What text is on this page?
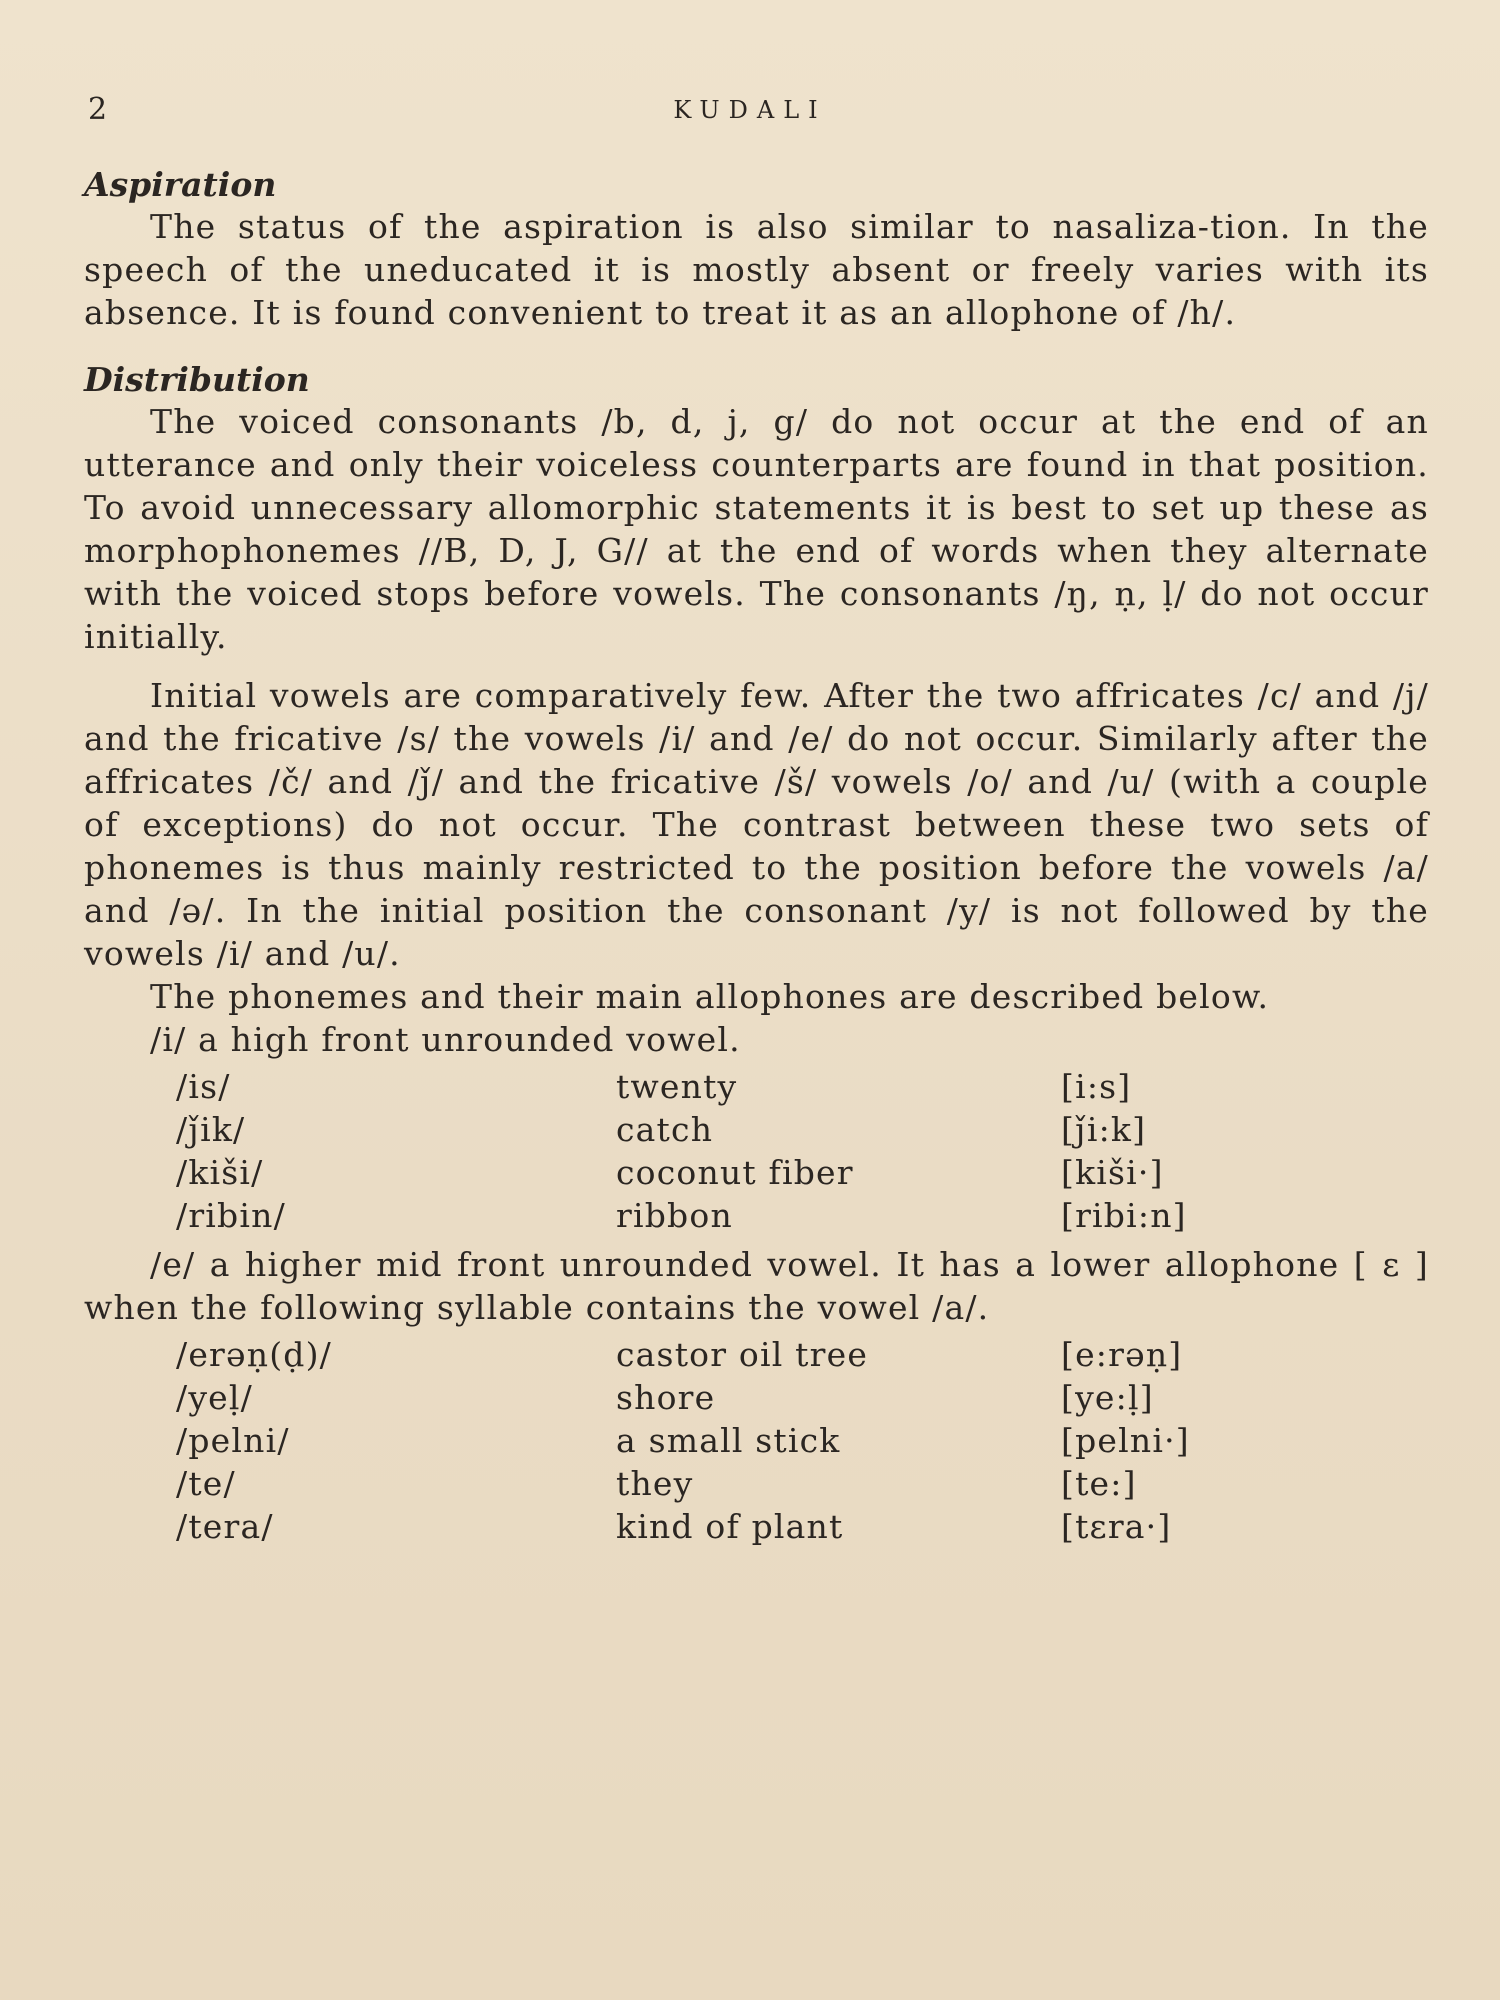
2	KUDALI
Aspiration

The status of the aspiration is also similar to nasaliza-tion. In the speech of the uneducated it is mostly absent or freely varies with its absence. It is found convenient to treat it as an allophone of /h/.

Distribution

The voiced consonants /b, d, j, g/ do not occur at the end of an utterance and only their voiceless counterparts are found in that position. To avoid unnecessary allomorphic statements it is best to set up these as morphophonemes //B, D, J, G// at the end of words when they alternate with the voiced stops before vowels. The consonants /ŋ, ṇ, ḷ/ do not occur initially.

Initial vowels are comparatively few. After the two affricates /c/ and /j/ and the fricative /s/ the vowels /i/ and /e/ do not occur. Similarly after the affricates /č/ and /ǰ/ and the fricative /š/ vowels /o/ and /u/ (with a couple of exceptions) do not occur. The contrast between these two sets of phonemes is thus mainly restricted to the position before the vowels /a/ and /ə/. In the initial position the consonant /y/ is not followed by the vowels /i/ and /u/.

The phonemes and their main allophones are described below.

/i/ a high front unrounded vowel.

/is/	twenty	[i:s]
/ǰik/	catch	[ǰi:k]
/kiši/	coconut fiber	[kiši·]
/ribin/	ribbon	[ribi:n]

/e/ a higher mid front unrounded vowel. It has a lower allophone [ ɛ ] when the following syllable contains the vowel /a/.

/erəṇ(ḍ)/	castor oil tree	[e:rəṇ]
/yeḷ/	shore	[ye:ḷ]
/pelni/	a small stick	[pelni·]
/te/	they	[te:]
/tera/	kind of plant	[tɛra·]
